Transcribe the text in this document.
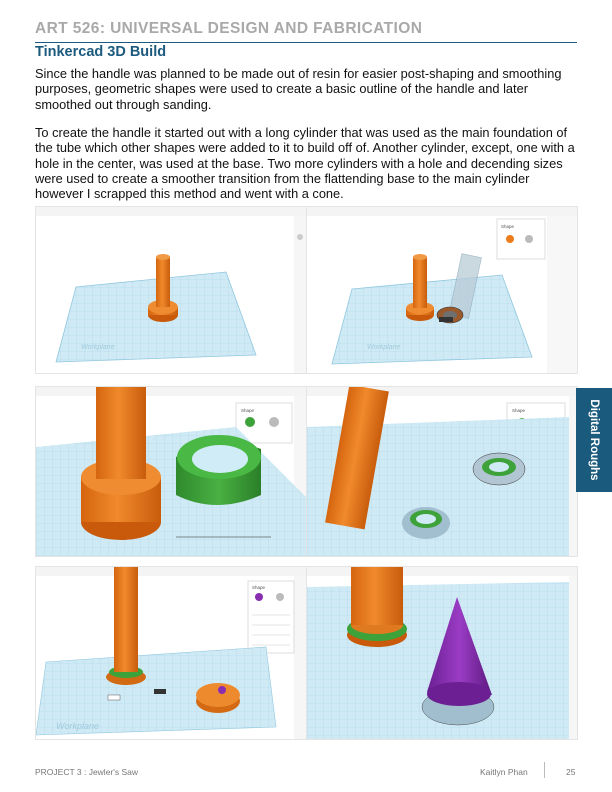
ART 526: UNIVERSAL DESIGN AND FABRICATION
Tinkercad 3D Build

Since the handle was planned to be made out of resin for easier post-shaping and smoothing purposes, geometric shapes were used to create a basic outline of the handle and later smoothed out through sanding.

To create the handle it started out with a long cylinder that was used as the main foundation of the tube which other shapes were added to it to build off of. Another cylinder, except, one with a hole in the center, was used at the base. Two more cylinders with a hole and decending sizes were used to create a smoother transition from the flattending base to the main cylinder however I scrapped this method and went with a cone.

Workplane
Shape
Workplane
Shape	Shape
Shape
Workplane
Digital Roughs
PROJECT 3 : Jewler's Saw	Kaitlyn Phan	25
